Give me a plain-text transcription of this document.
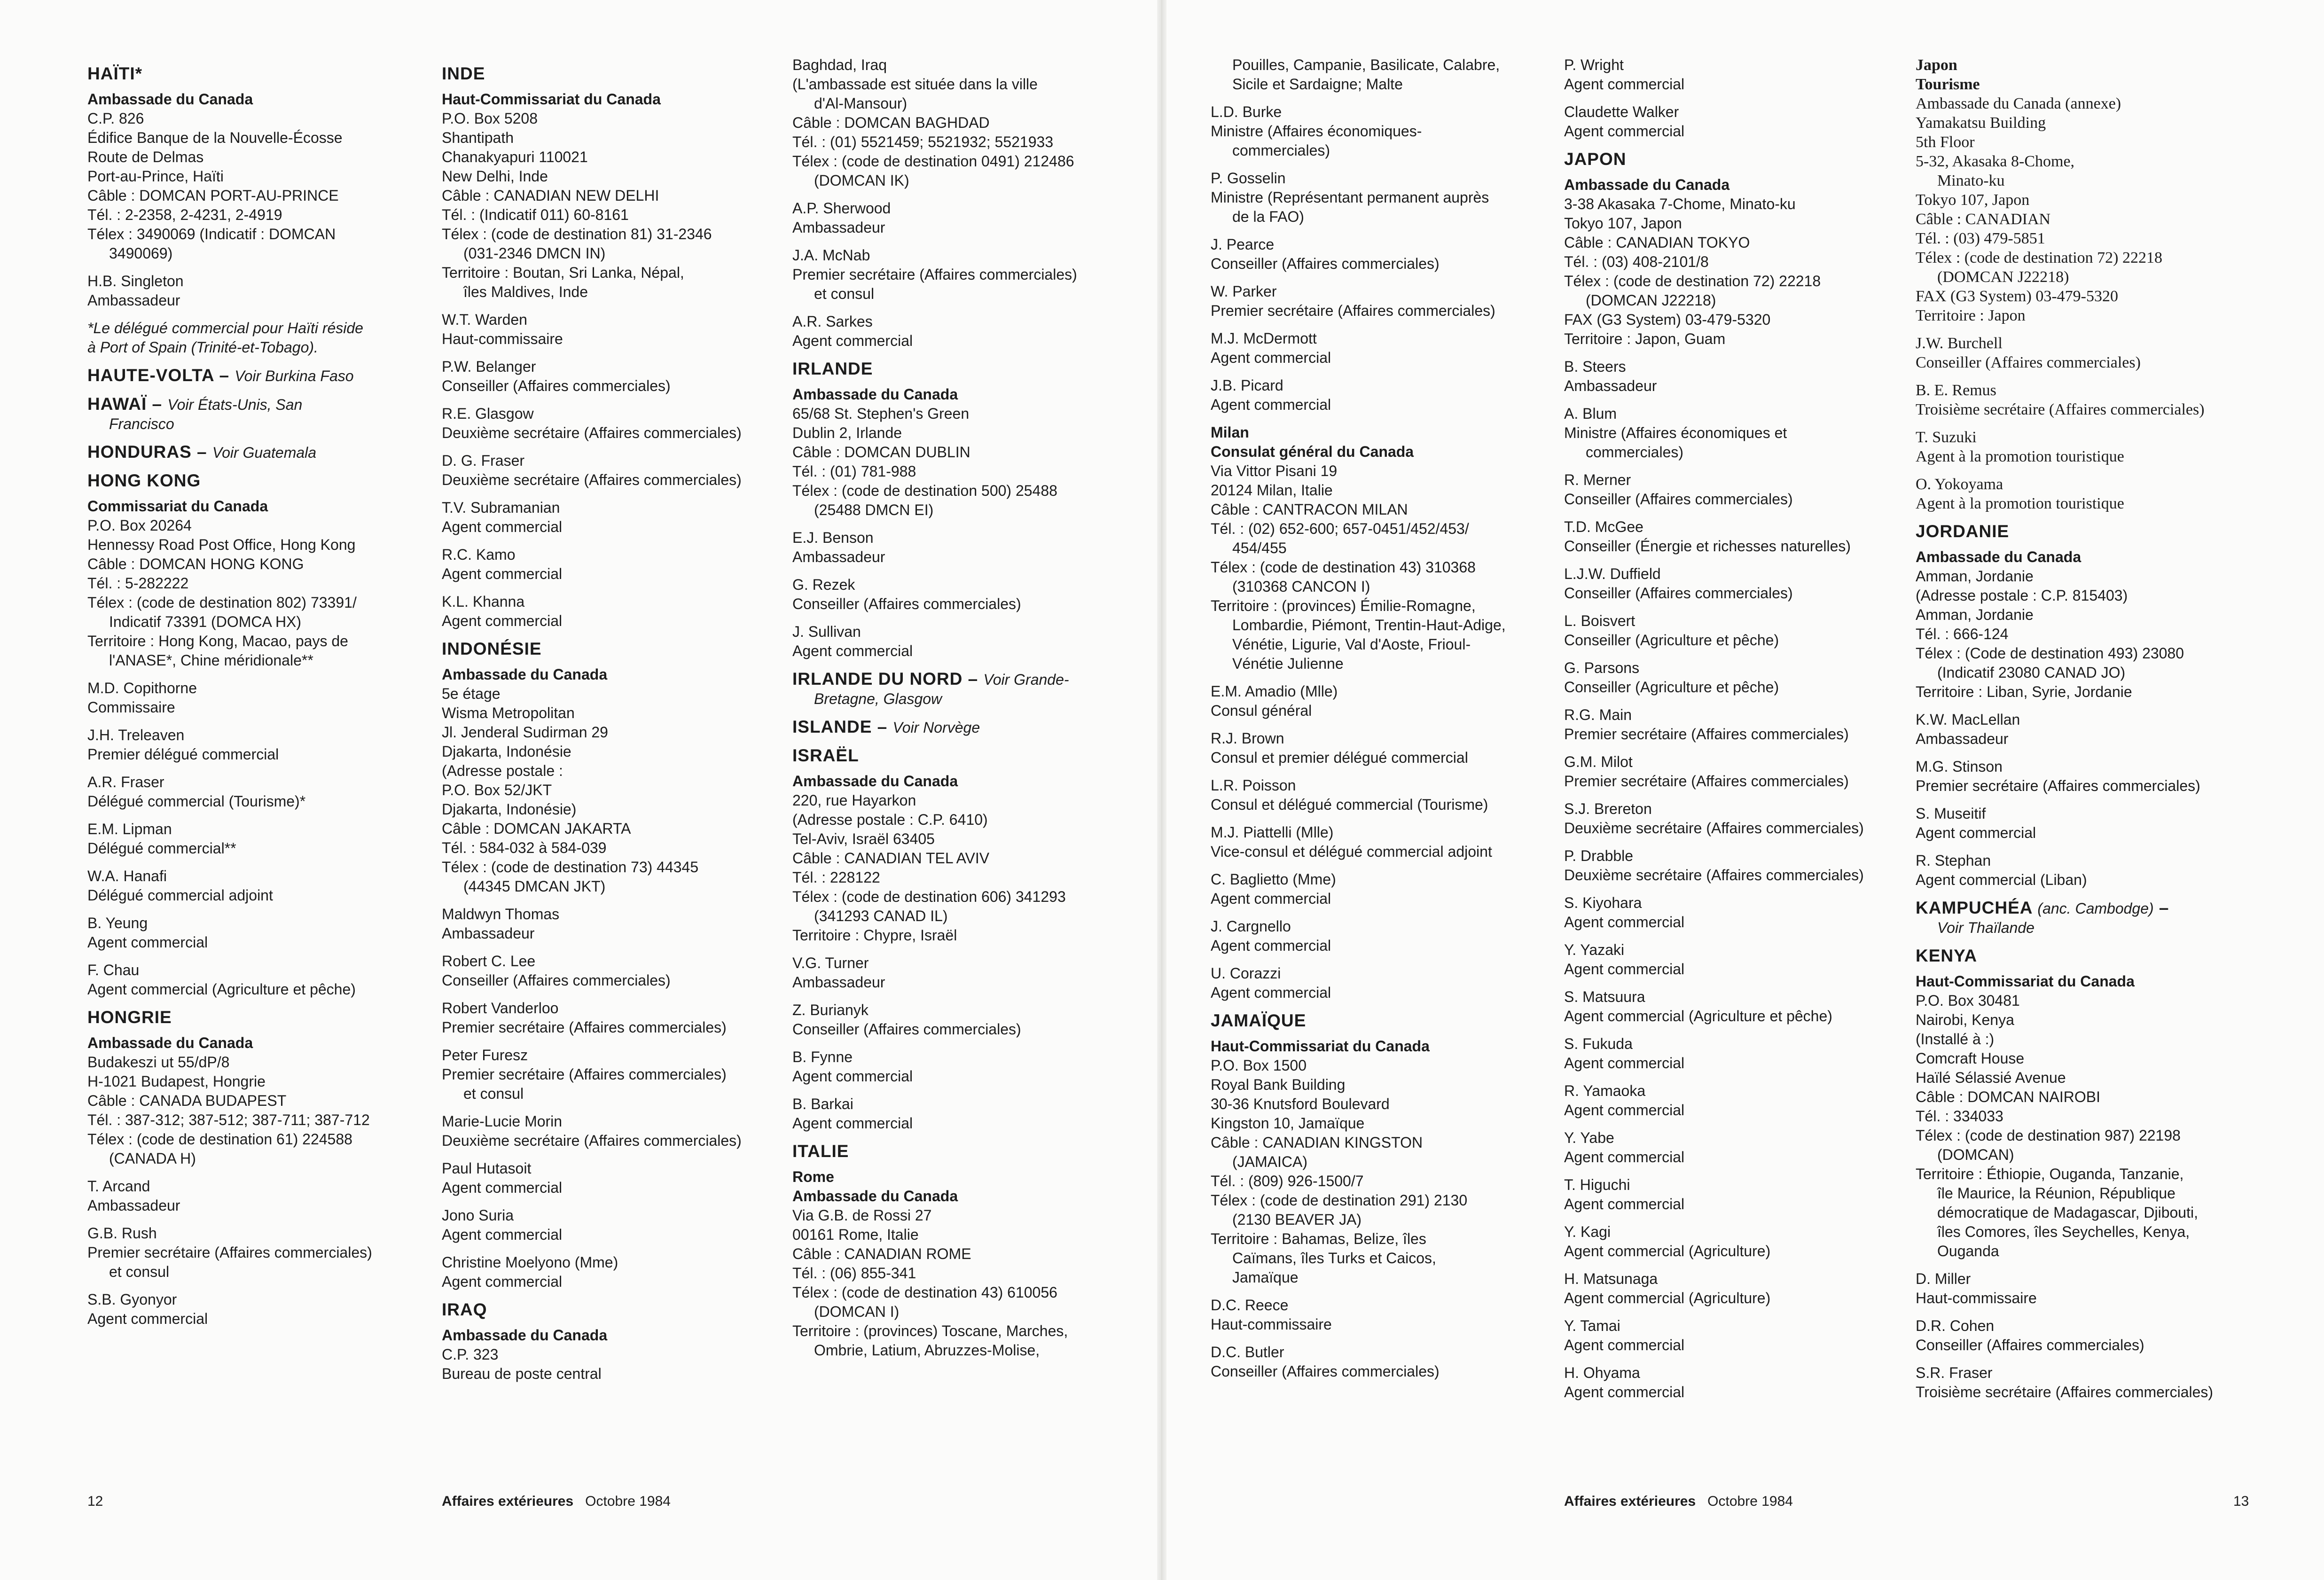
HAÏTI*
Ambassade du Canada
C.P. 826
Édifice Banque de la Nouvelle-Écosse
Route de Delmas
Port-au-Prince, Haïti
Câble : DOMCAN PORT-AU-PRINCE
Tél. : 2-2358, 2-4231, 2-4919
Télex : 3490069 (Indicatif : DOMCAN
3490069)
H.B. Singleton
Ambassadeur
*Le délégué commercial pour Haïti réside
à Port of Spain (Trinité-et-Tobago).
HAUTE-VOLTA – Voir Burkina Faso
HAWAÏ – Voir États-Unis, San
Francisco
HONDURAS – Voir Guatemala
HONG KONG
Commissariat du Canada
P.O. Box 20264
Hennessy Road Post Office, Hong Kong
Câble : DOMCAN HONG KONG
Tél. : 5-282222
Télex : (code de destination 802) 73391/
Indicatif 73391 (DOMCA HX)
Territoire : Hong Kong, Macao, pays de
l'ANASE*, Chine méridionale**
M.D. Copithorne
Commissaire
J.H. Treleaven
Premier délégué commercial
A.R. Fraser
Délégué commercial (Tourisme)*
E.M. Lipman
Délégué commercial**
W.A. Hanafi
Délégué commercial adjoint
B. Yeung
Agent commercial
F. Chau
Agent commercial (Agriculture et pêche)
HONGRIE
Ambassade du Canada
Budakeszi ut 55/dP/8
H-1021 Budapest, Hongrie
Câble : CANADA BUDAPEST
Tél. : 387-312; 387-512; 387-711; 387-712
Télex : (code de destination 61) 224588
(CANADA H)
T. Arcand
Ambassadeur
G.B. Rush
Premier secrétaire (Affaires commerciales)
et consul
S.B. Gyonyor
Agent commercial
INDE
Haut-Commissariat du Canada
P.O. Box 5208
Shantipath
Chanakyapuri 110021
New Delhi, Inde
Câble : CANADIAN NEW DELHI
Tél. : (Indicatif 011) 60-8161
Télex : (code de destination 81) 31-2346
(031-2346 DMCN IN)
Territoire : Boutan, Sri Lanka, Népal,
îles Maldives, Inde
W.T. Warden
Haut-commissaire
P.W. Belanger
Conseiller (Affaires commerciales)
R.E. Glasgow
Deuxième secrétaire (Affaires commerciales)
D. G. Fraser
Deuxième secrétaire (Affaires commerciales)
T.V. Subramanian
Agent commercial
R.C. Kamo
Agent commercial
K.L. Khanna
Agent commercial
INDONÉSIE
Ambassade du Canada
5e étage
Wisma Metropolitan
Jl. Jenderal Sudirman 29
Djakarta, Indonésie
(Adresse postale :
P.O. Box 52/JKT
Djakarta, Indonésie)
Câble : DOMCAN JAKARTA
Tél. : 584-032 à 584-039
Télex : (code de destination 73) 44345
(44345 DMCAN JKT)
Maldwyn Thomas
Ambassadeur
Robert C. Lee
Conseiller (Affaires commerciales)
Robert Vanderloo
Premier secrétaire (Affaires commerciales)
Peter Furesz
Premier secrétaire (Affaires commerciales)
et consul
Marie-Lucie Morin
Deuxième secrétaire (Affaires commerciales)
Paul Hutasoit
Agent commercial
Jono Suria
Agent commercial
Christine Moelyono (Mme)
Agent commercial
IRAQ
Ambassade du Canada
C.P. 323
Bureau de poste central
Baghdad, Iraq
(L'ambassade est située dans la ville
d'Al-Mansour)
Câble : DOMCAN BAGHDAD
Tél. : (01) 5521459; 5521932; 5521933
Télex : (code de destination 0491) 212486
(DOMCAN IK)
A.P. Sherwood
Ambassadeur
J.A. McNab
Premier secrétaire (Affaires commerciales)
et consul
A.R. Sarkes
Agent commercial
IRLANDE
Ambassade du Canada
65/68 St. Stephen's Green
Dublin 2, Irlande
Câble : DOMCAN DUBLIN
Tél. : (01) 781-988
Télex : (code de destination 500) 25488
(25488 DMCN EI)
E.J. Benson
Ambassadeur
G. Rezek
Conseiller (Affaires commerciales)
J. Sullivan
Agent commercial
IRLANDE DU NORD – Voir Grande-
Bretagne, Glasgow
ISLANDE – Voir Norvège
ISRAËL
Ambassade du Canada
220, rue Hayarkon
(Adresse postale : C.P. 6410)
Tel-Aviv, Israël 63405
Câble : CANADIAN TEL AVIV
Tél. : 228122
Télex : (code de destination 606) 341293
(341293 CANAD IL)
Territoire : Chypre, Israël
V.G. Turner
Ambassadeur
Z. Burianyk
Conseiller (Affaires commerciales)
B. Fynne
Agent commercial
B. Barkai
Agent commercial
ITALIE
Rome
Ambassade du Canada
Via G.B. de Rossi 27
00161 Rome, Italie
Câble : CANADIAN ROME
Tél. : (06) 855-341
Télex : (code de destination 43) 610056
(DOMCAN I)
Territoire : (provinces) Toscane, Marches,
Ombrie, Latium, Abruzzes-Molise,
12	Affaires extérieures Octobre 1984
Pouilles, Campanie, Basilicate, Calabre,
Sicile et Sardaigne; Malte
L.D. Burke
Ministre (Affaires économiques-
commerciales)
P. Gosselin
Ministre (Représentant permanent auprès
de la FAO)
J. Pearce
Conseiller (Affaires commerciales)
W. Parker
Premier secrétaire (Affaires commerciales)
M.J. McDermott
Agent commercial
J.B. Picard
Agent commercial
Milan
Consulat général du Canada
Via Vittor Pisani 19
20124 Milan, Italie
Câble : CANTRACON MILAN
Tél. : (02) 652-600; 657-0451/452/453/
454/455
Télex : (code de destination 43) 310368
(310368 CANCON I)
Territoire : (provinces) Émilie-Romagne,
Lombardie, Piémont, Trentin-Haut-Adige,
Vénétie, Ligurie, Val d'Aoste, Frioul-
Vénétie Julienne
E.M. Amadio (Mlle)
Consul général
R.J. Brown
Consul et premier délégué commercial
L.R. Poisson
Consul et délégué commercial (Tourisme)
M.J. Piattelli (Mlle)
Vice-consul et délégué commercial adjoint
C. Baglietto (Mme)
Agent commercial
J. Cargnello
Agent commercial
U. Corazzi
Agent commercial
JAMAÏQUE
Haut-Commissariat du Canada
P.O. Box 1500
Royal Bank Building
30-36 Knutsford Boulevard
Kingston 10, Jamaïque
Câble : CANADIAN KINGSTON
(JAMAICA)
Tél. : (809) 926-1500/7
Télex : (code de destination 291) 2130
(2130 BEAVER JA)
Territoire : Bahamas, Belize, îles
Caïmans, îles Turks et Caicos,
Jamaïque
D.C. Reece
Haut-commissaire
D.C. Butler
Conseiller (Affaires commerciales)
P. Wright
Agent commercial
Claudette Walker
Agent commercial
JAPON
Ambassade du Canada
3-38 Akasaka 7-Chome, Minato-ku
Tokyo 107, Japon
Câble : CANADIAN TOKYO
Tél. : (03) 408-2101/8
Télex : (code de destination 72) 22218
(DOMCAN J22218)
FAX (G3 System) 03-479-5320
Territoire : Japon, Guam
B. Steers
Ambassadeur
A. Blum
Ministre (Affaires économiques et
commerciales)
R. Merner
Conseiller (Affaires commerciales)
T.D. McGee
Conseiller (Énergie et richesses naturelles)
L.J.W. Duffield
Conseiller (Affaires commerciales)
L. Boisvert
Conseiller (Agriculture et pêche)
G. Parsons
Conseiller (Agriculture et pêche)
R.G. Main
Premier secrétaire (Affaires commerciales)
G.M. Milot
Premier secrétaire (Affaires commerciales)
S.J. Brereton
Deuxième secrétaire (Affaires commerciales)
P. Drabble
Deuxième secrétaire (Affaires commerciales)
S. Kiyohara
Agent commercial
Y. Yazaki
Agent commercial
S. Matsuura
Agent commercial (Agriculture et pêche)
S. Fukuda
Agent commercial
R. Yamaoka
Agent commercial
Y. Yabe
Agent commercial
T. Higuchi
Agent commercial
Y. Kagi
Agent commercial (Agriculture)
H. Matsunaga
Agent commercial (Agriculture)
Y. Tamai
Agent commercial
H. Ohyama
Agent commercial
Japon
Tourisme
Ambassade du Canada (annexe)
Yamakatsu Building
5th Floor
5-32, Akasaka 8-Chome,
Minato-ku
Tokyo 107, Japon
Câble : CANADIAN
Tél. : (03) 479-5851
Télex : (code de destination 72) 22218
(DOMCAN J22218)
FAX (G3 System) 03-479-5320
Territoire : Japon
J.W. Burchell
Conseiller (Affaires commerciales)
B. E. Remus
Troisième secrétaire (Affaires commerciales)
T. Suzuki
Agent à la promotion touristique
O. Yokoyama
Agent à la promotion touristique
JORDANIE
Ambassade du Canada
Amman, Jordanie
(Adresse postale : C.P. 815403)
Amman, Jordanie
Tél. : 666-124
Télex : (Code de destination 493) 23080
(Indicatif 23080 CANAD JO)
Territoire : Liban, Syrie, Jordanie
K.W. MacLellan
Ambassadeur
M.G. Stinson
Premier secrétaire (Affaires commerciales)
S. Museitif
Agent commercial
R. Stephan
Agent commercial (Liban)
KAMPUCHÉA (anc. Cambodge) –
Voir Thaïlande
KENYA
Haut-Commissariat du Canada
P.O. Box 30481
Nairobi, Kenya
(Installé à :)
Comcraft House
Haïlé Sélassié Avenue
Câble : DOMCAN NAIROBI
Tél. : 334033
Télex : (code de destination 987) 22198
(DOMCAN)
Territoire : Éthiopie, Ouganda, Tanzanie,
île Maurice, la Réunion, République
démocratique de Madagascar, Djibouti,
îles Comores, îles Seychelles, Kenya,
Ouganda
D. Miller
Haut-commissaire
D.R. Cohen
Conseiller (Affaires commerciales)
S.R. Fraser
Troisième secrétaire (Affaires commerciales)
Affaires extérieures Octobre 1984	13
